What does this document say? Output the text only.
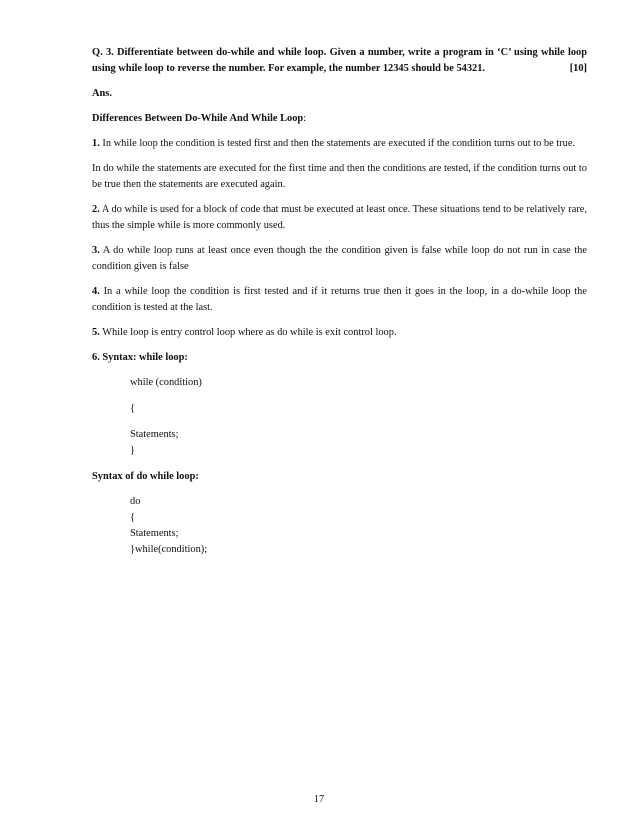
Q. 3. Differentiate between do-while and while loop. Given a number, write a program in ‘C’ using while loop using while loop to reverse the number. For example, the number 12345 should be 54321.	[10]

Ans.

Differences Between Do-While And While Loop:

1. In while loop the condition is tested first and then the statements are executed if the condition turns out to be true.

In do while the statements are executed for the first time and then the conditions are tested, if the condition turns out to be true then the statements are executed again.

2. A do while is used for a block of code that must be executed at least once. These situations tend to be relatively rare, thus the simple while is more commonly used.

3. A do while loop runs at least once even though the the condition given is false while loop do not run in case the condition given is false

4. In a while loop the condition is first tested and if it returns true then it goes in the loop, in a do-while loop the condition is tested at the last.

5. While loop is entry control loop where as do while is exit control loop.

6. Syntax: while loop:

while (condition)
{
Statements;
}

Syntax of do while loop:

do
{
Statements;
}while(condition);
17
